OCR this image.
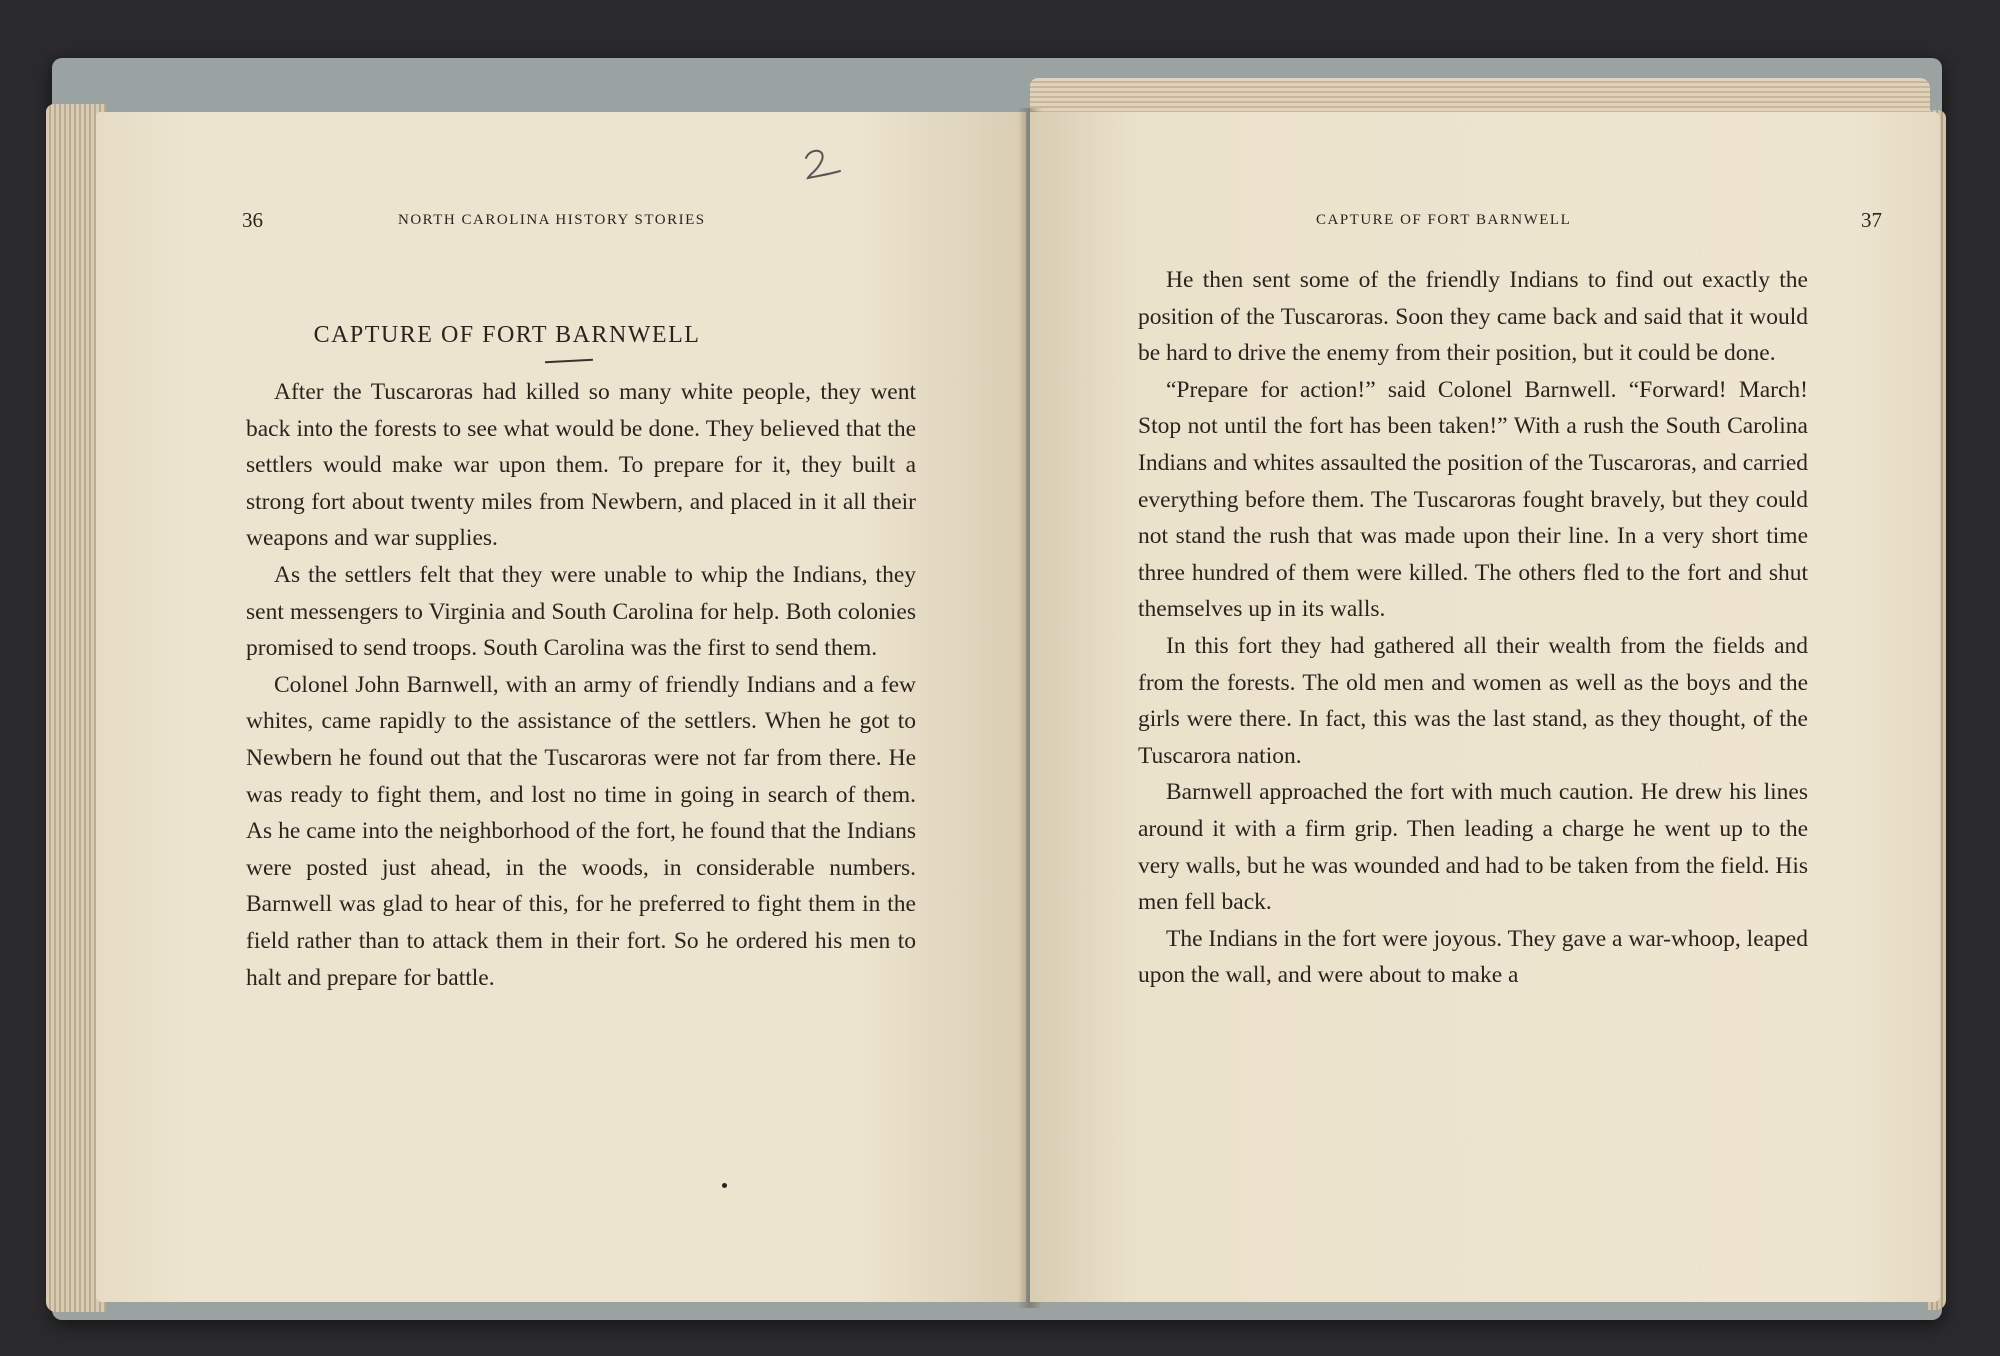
36	NORTH CAROLINA HISTORY STORIES
CAPTURE OF FORT BARNWELL

After the Tuscaroras had killed so many white people, they went back into the forests to see what would be done. They believed that the settlers would make war upon them. To prepare for it, they built a strong fort about twenty miles from Newbern, and placed in it all their weapons and war supplies.

As the settlers felt that they were unable to whip the Indians, they sent messengers to Virginia and South Carolina for help. Both colonies promised to send troops. South Carolina was the first to send them.

Colonel John Barnwell, with an army of friendly Indians and a few whites, came rapidly to the assistance of the settlers. When he got to Newbern he found out that the Tuscaroras were not far from there. He was ready to fight them, and lost no time in going in search of them. As he came into the neighborhood of the fort, he found that the Indians were posted just ahead, in the woods, in considerable numbers. Barnwell was glad to hear of this, for he preferred to fight them in the field rather than to attack them in their fort. So he ordered his men to halt and prepare for battle.

CAPTURE OF FORT BARNWELL	37

He then sent some of the friendly Indians to find out exactly the position of the Tuscaroras. Soon they came back and said that it would be hard to drive the enemy from their position, but it could be done.

“Prepare for action!” said Colonel Barnwell. “Forward! March! Stop not until the fort has been taken!” With a rush the South Carolina Indians and whites assaulted the position of the Tuscaroras, and carried everything before them. The Tuscaroras fought bravely, but they could not stand the rush that was made upon their line. In a very short time three hundred of them were killed. The others fled to the fort and shut themselves up in its walls.

In this fort they had gathered all their wealth from the fields and from the forests. The old men and women as well as the boys and the girls were there. In fact, this was the last stand, as they thought, of the Tuscarora nation.

Barnwell approached the fort with much caution. He drew his lines around it with a firm grip. Then leading a charge he went up to the very walls, but he was wounded and had to be taken from the field. His men fell back.

The Indians in the fort were joyous. They gave a war-whoop, leaped upon the wall, and were about to make a
